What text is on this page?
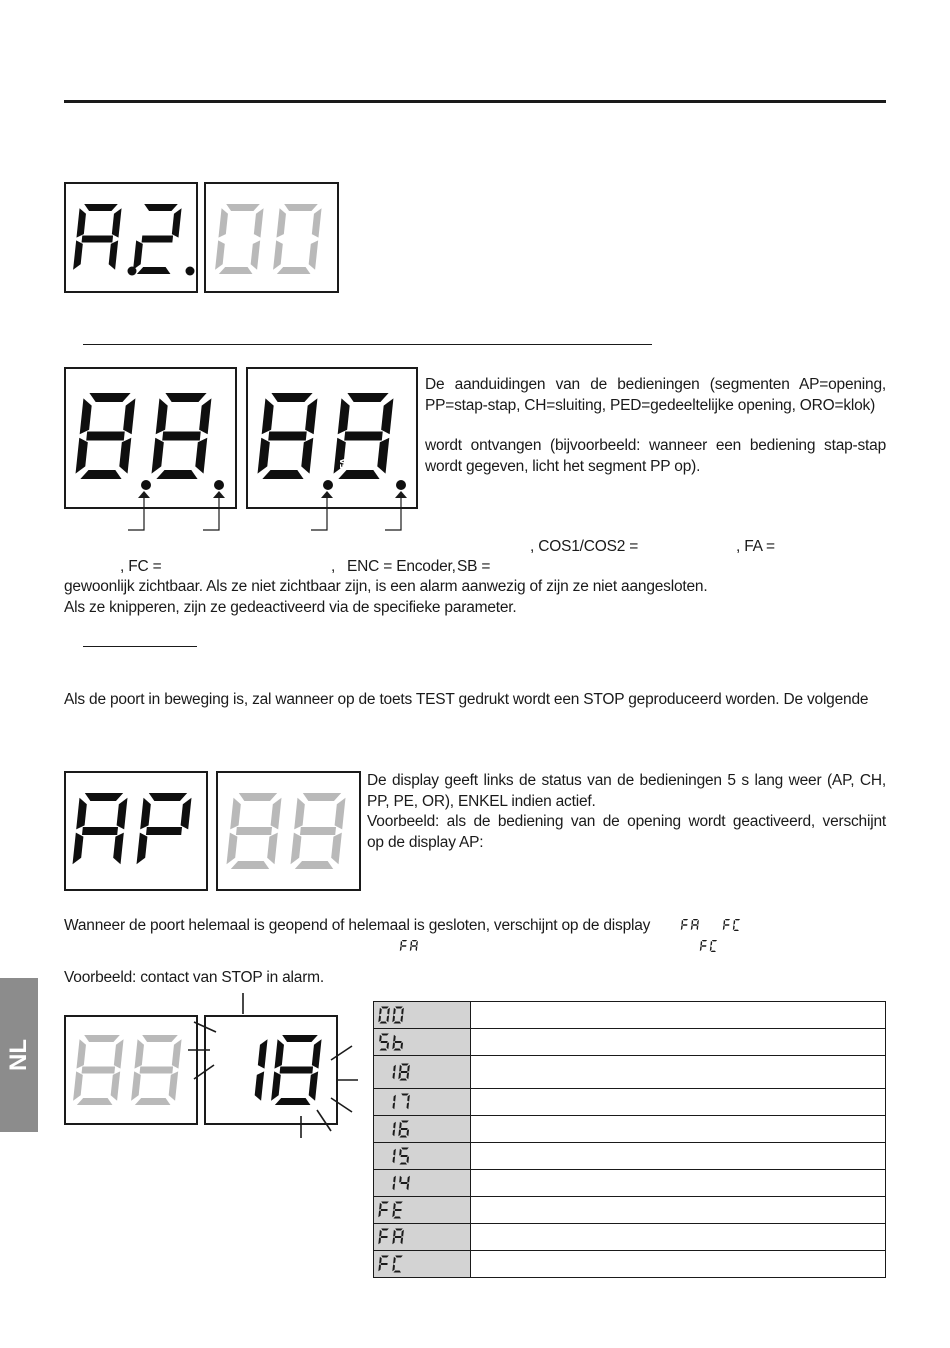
FA	FC
De aanduidingen van de bedieningen (segmenten AP=opening,
PP=stap-stap, CH=sluiting, PED=gedeeltelijke opening, ORO=klok)
wordt ontvangen (bijvoorbeeld: wanneer een bediening stap-stap
wordt gegeven, licht het segment PP op).
, COS1/COS2 =	, FA =
, FC =	, ENC = Encoder, SB =
gewoonlijk zichtbaar. Als ze niet zichtbaar zijn, is een alarm aanwezig of zijn ze niet aangesloten.
Als ze knipperen, zijn ze gedeactiveerd via de specifieke parameter.
Als de poort in beweging is, zal wanneer op de toets TEST gedrukt wordt een STOP geproduceerd worden. De volgende
De display geeft links de status van de bedieningen 5 s lang weer (AP, CH,
PP, PE, OR), ENKEL indien actief.
Voorbeeld: als de bediening van de opening wordt geactiveerd, verschijnt
op de display AP:
Wanneer de poort helemaal is geopend of helemaal is gesloten, verschijnt op de display
Voorbeeld: contact van STOP in alarm.
NL
